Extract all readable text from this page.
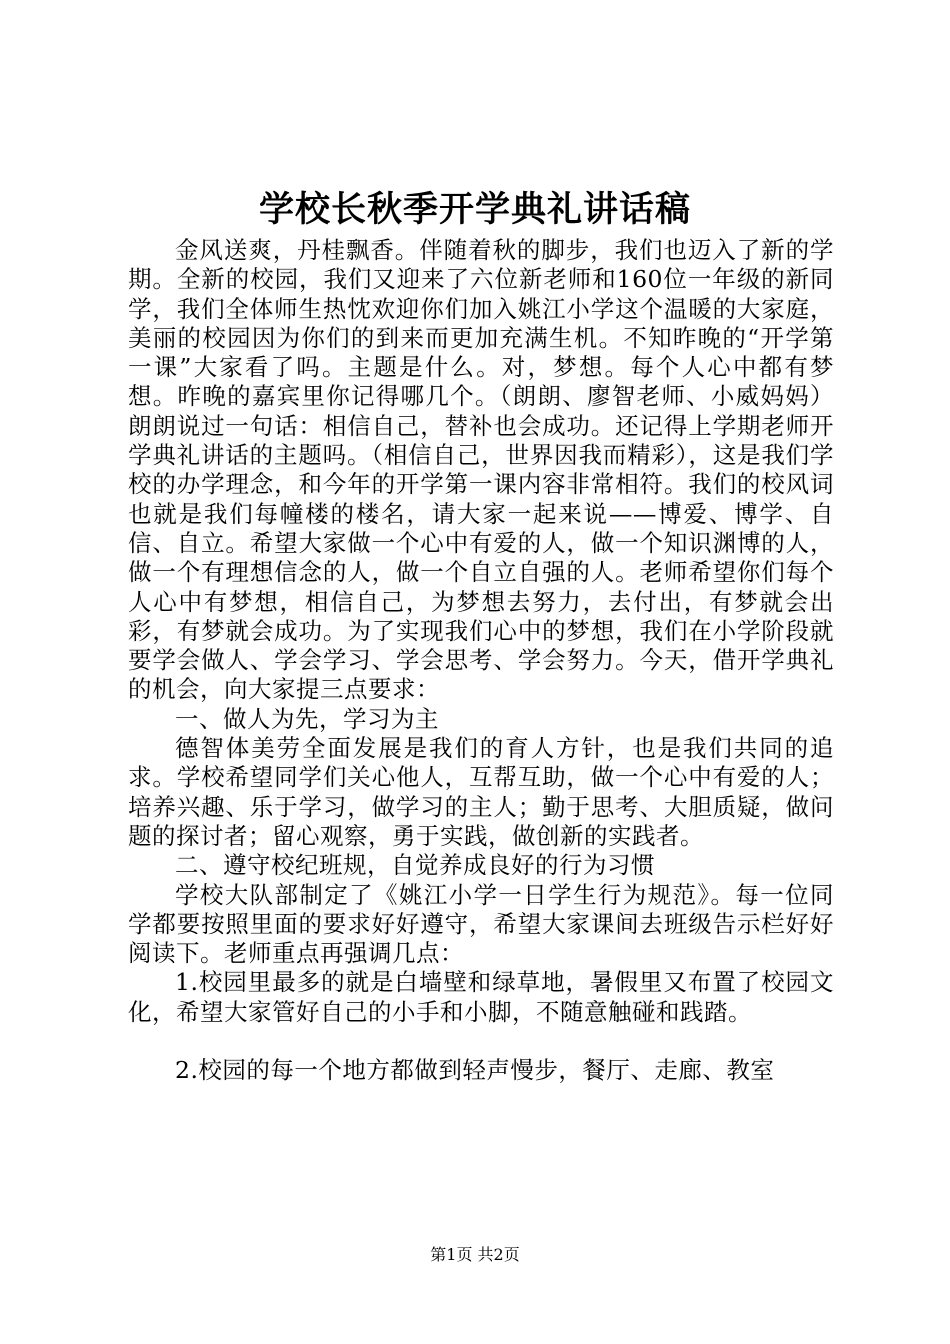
学校长秋季开学典礼讲话稿

金风送爽，丹桂飘香。伴随着秋的脚步，我们也迈入了新的学期。全新的校园，我们又迎来了六位新老师和160位一年级的新同学，我们全体师生热忱欢迎你们加入姚江小学这个温暖的大家庭，美丽的校园因为你们的到来而更加充满生机。不知昨晚的“开学第一课”大家看了吗。主题是什么。对，梦想。每个人心中都有梦想。昨晚的嘉宾里你记得哪几个。（朗朗、廖智老师、小威妈妈）朗朗说过一句话：相信自己，替补也会成功。还记得上学期老师开学典礼讲话的主题吗。（相信自己，世界因我而精彩），这是我们学校的办学理念，和今年的开学第一课内容非常相符。我们的校风词也就是我们每幢楼的楼名，请大家一起来说——博爱、博学、自信、自立。希望大家做一个心中有爱的人，做一个知识渊博的人，做一个有理想信念的人，做一个自立自强的人。老师希望你们每个人心中有梦想，相信自己，为梦想去努力，去付出，有梦就会出彩，有梦就会成功。为了实现我们心中的梦想，我们在小学阶段就要学会做人、学会学习、学会思考、学会努力。今天，借开学典礼的机会，向大家提三点要求：

一、做人为先，学习为主

德智体美劳全面发展是我们的育人方针，也是我们共同的追求。学校希望同学们关心他人，互帮互助，做一个心中有爱的人；培养兴趣、乐于学习，做学习的主人；勤于思考、大胆质疑，做问题的探讨者；留心观察，勇于实践，做创新的实践者。

二、遵守校纪班规，自觉养成良好的行为习惯

学校大队部制定了《姚江小学一日学生行为规范》。每一位同学都要按照里面的要求好好遵守，希望大家课间去班级告示栏好好阅读下。老师重点再强调几点：

1.校园里最多的就是白墙壁和绿草地，暑假里又布置了校园文化，希望大家管好自己的小手和小脚，不随意触碰和践踏。

2.校园的每一个地方都做到轻声慢步，餐厅、走廊、教室

第1页 共2页
